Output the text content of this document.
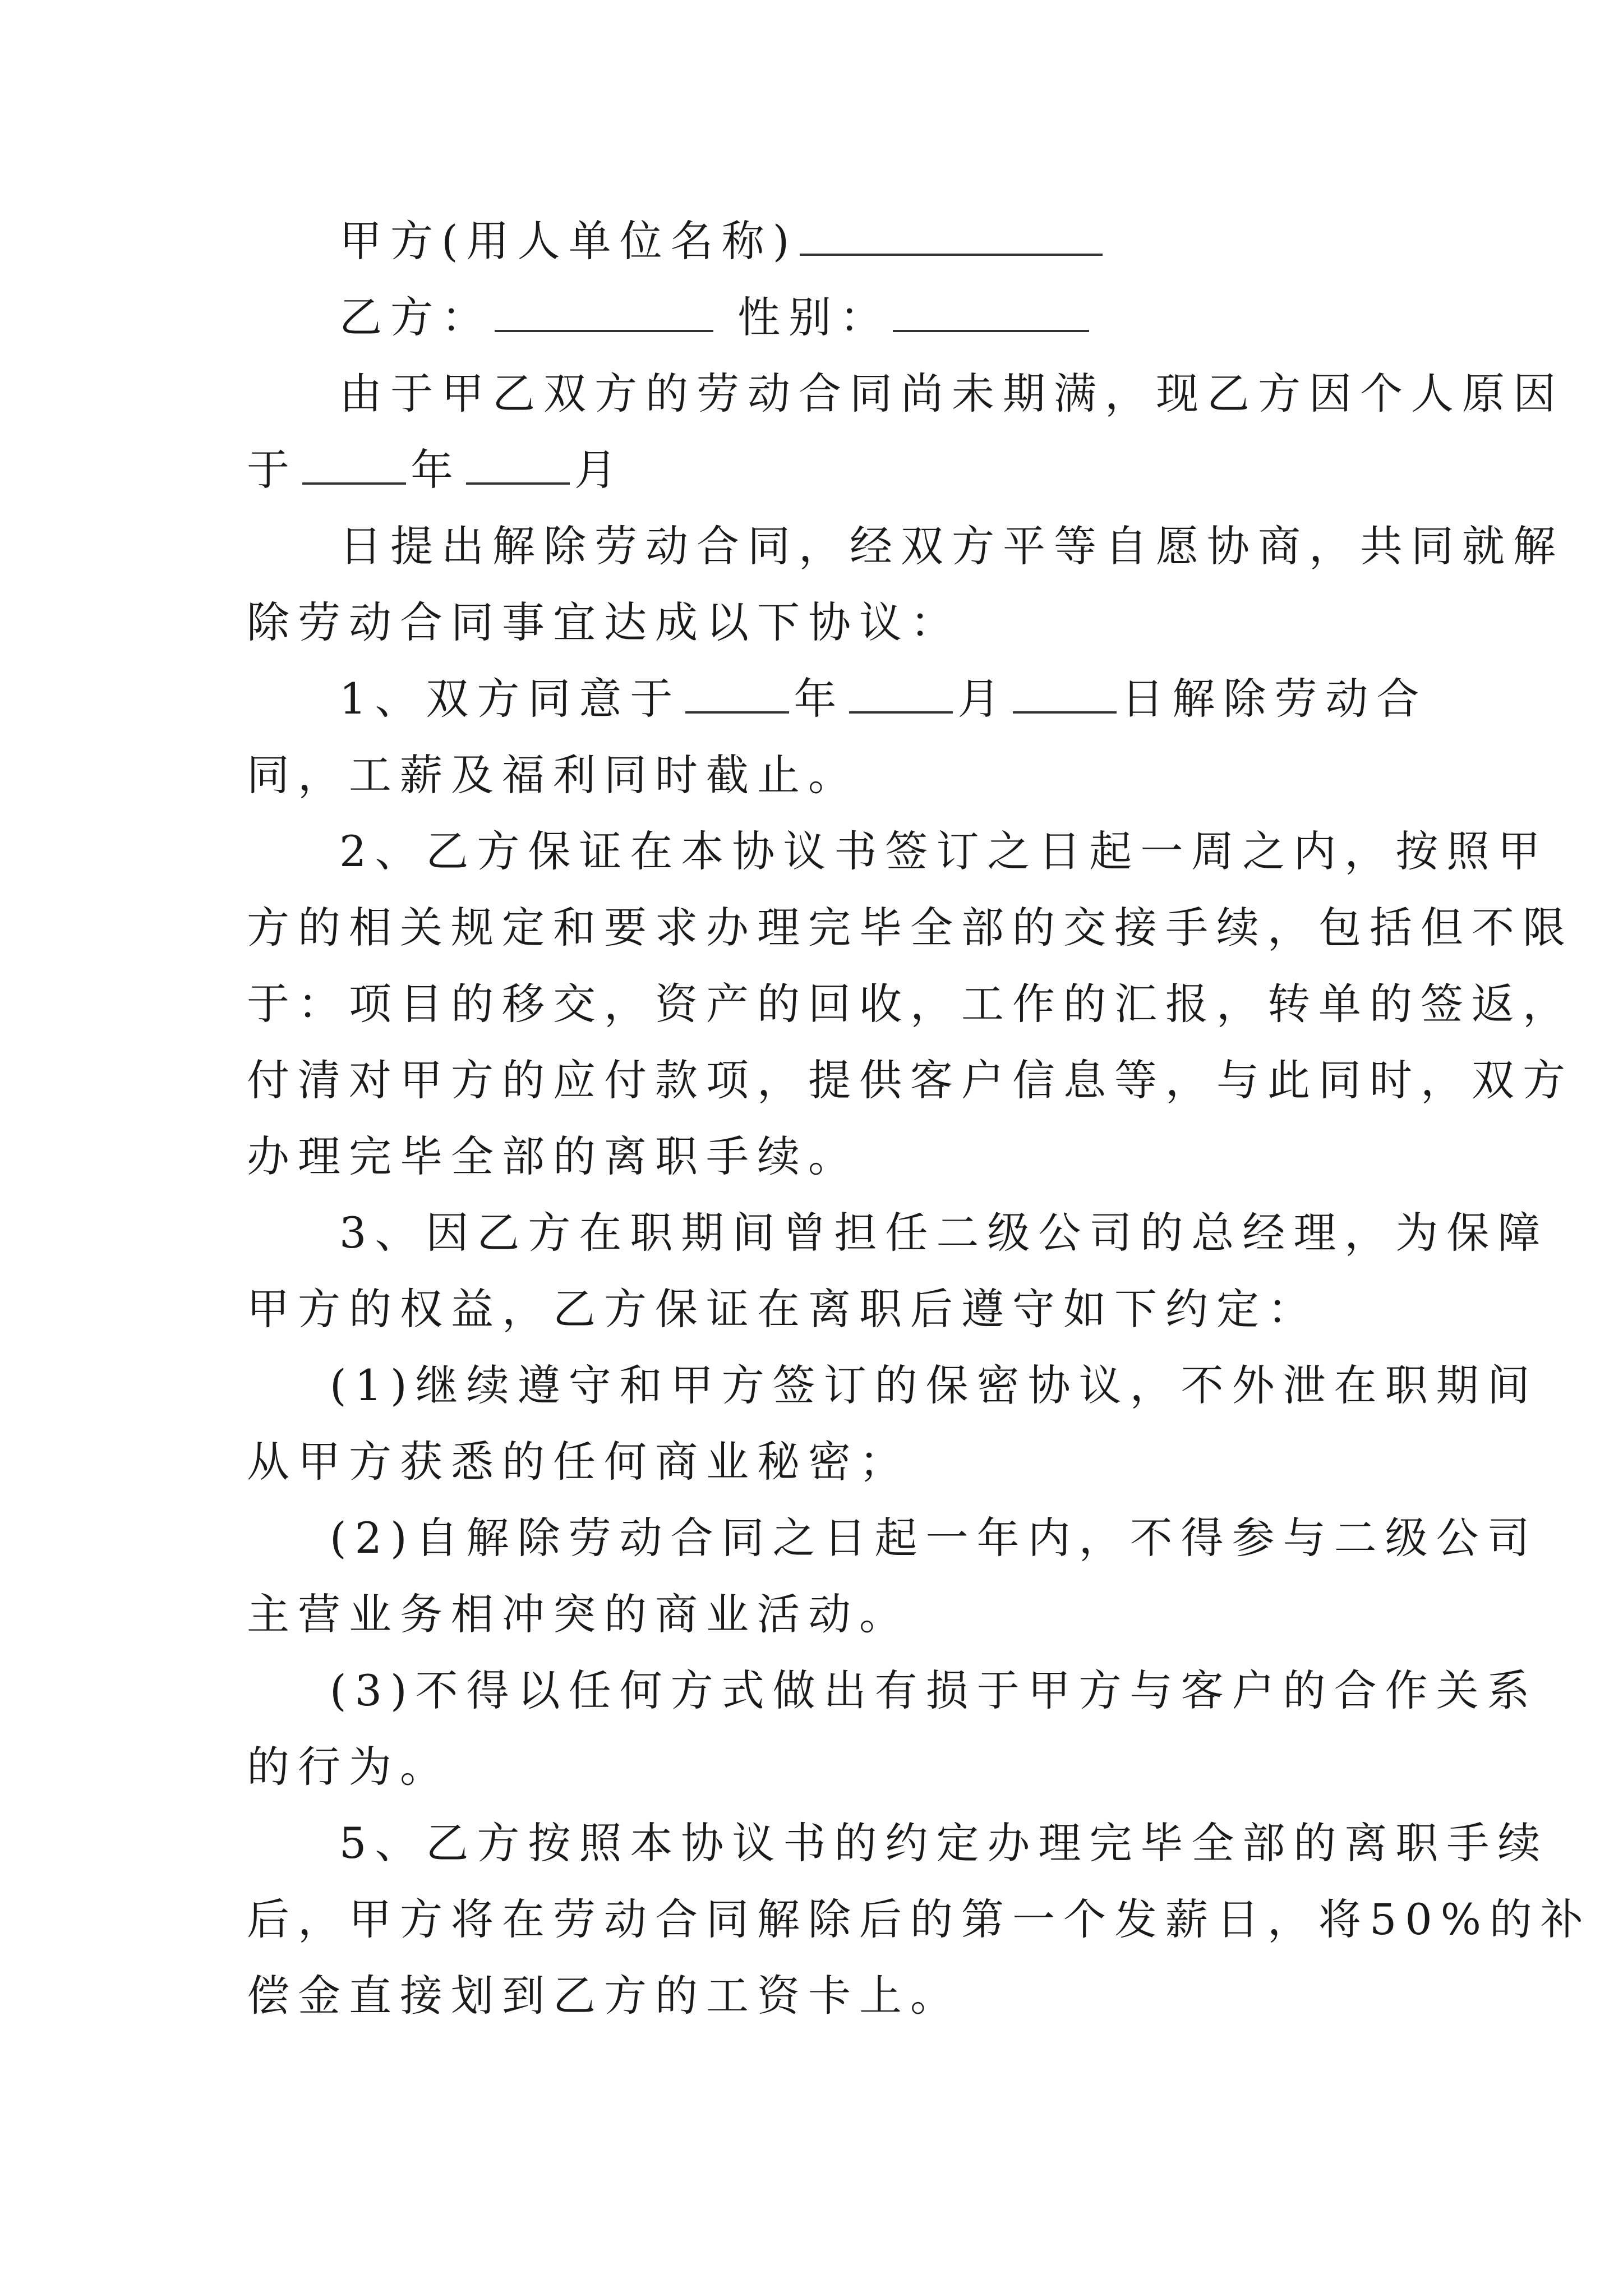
甲方(用人单位名称)
乙方：	性别：
由于甲乙双方的劳动合同尚未期满，现乙方因个人原因
于	年	月
日提出解除劳动合同，经双方平等自愿协商，共同就解
除劳动合同事宜达成以下协议：
1、双方同意于	年	月	日解除劳动合
同，工薪及福利同时截止。
2、乙方保证在本协议书签订之日起一周之内，按照甲
方的相关规定和要求办理完毕全部的交接手续，包括但不限
于：项目的移交，资产的回收，工作的汇报，转单的签返，
付清对甲方的应付款项，提供客户信息等，与此同时，双方
办理完毕全部的离职手续。
3、因乙方在职期间曾担任二级公司的总经理，为保障
甲方的权益，乙方保证在离职后遵守如下约定：
(1)继续遵守和甲方签订的保密协议，不外泄在职期间
从甲方获悉的任何商业秘密；
(2)自解除劳动合同之日起一年内，不得参与二级公司
主营业务相冲突的商业活动。
(3)不得以任何方式做出有损于甲方与客户的合作关系
的行为。
5、乙方按照本协议书的约定办理完毕全部的离职手续
后，甲方将在劳动合同解除后的第一个发薪日，将50%的补
偿金直接划到乙方的工资卡上。
